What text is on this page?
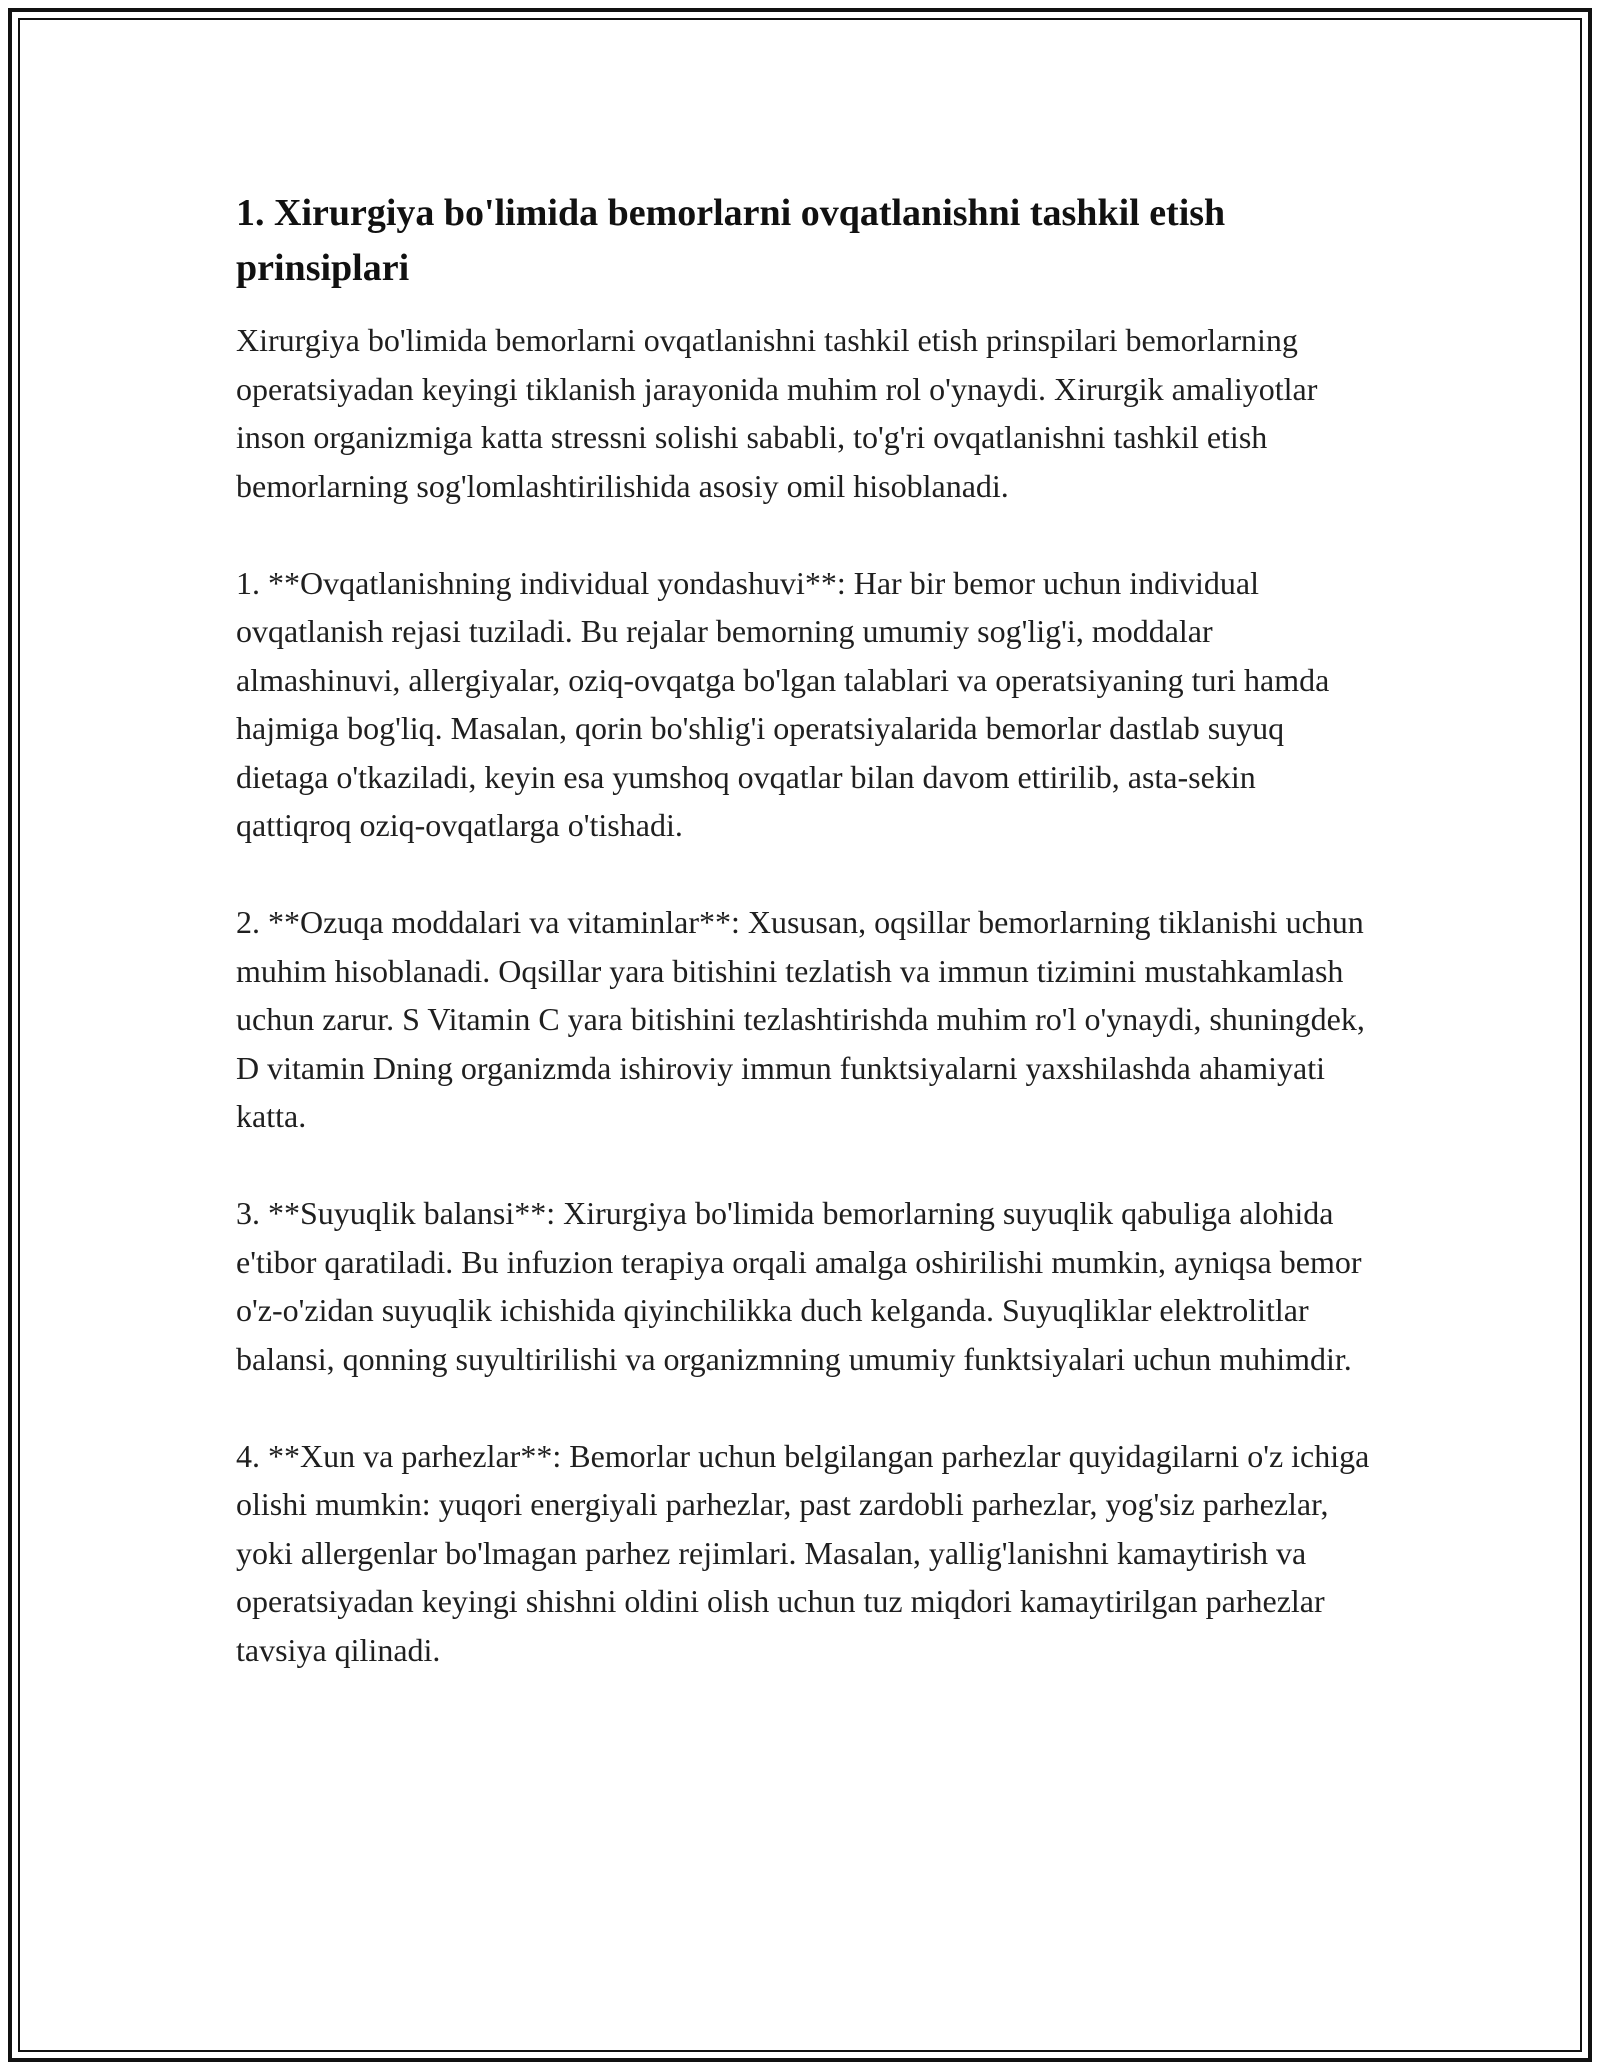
1. Xirurgiya bo'limida bemorlarni ovqatlanishni tashkil etish prinsiplari

Xirurgiya bo'limida bemorlarni ovqatlanishni tashkil etish prinspilari bemorlarning operatsiyadan keyingi tiklanish jarayonida muhim rol o'ynaydi. Xirurgik amaliyotlar inson organizmiga katta stressni solishi sababli, to'g'ri ovqatlanishni tashkil etish bemorlarning sog'lomlashtirilishida asosiy omil hisoblanadi.

1. **Ovqatlanishning individual yondashuvi**: Har bir bemor uchun individual ovqatlanish rejasi tuziladi. Bu rejalar bemorning umumiy sog'lig'i, moddalar almashinuvi, allergiyalar, oziq-ovqatga bo'lgan talablari va operatsiyaning turi hamda hajmiga bog'liq. Masalan, qorin bo'shlig'i operatsiyalarida bemorlar dastlab suyuq dietaga o'tkaziladi, keyin esa yumshoq ovqatlar bilan davom ettirilib, asta-sekin qattiqroq oziq-ovqatlarga o'tishadi.

2. **Ozuqa moddalari va vitaminlar**: Xususan, oqsillar bemorlarning tiklanishi uchun muhim hisoblanadi. Oqsillar yara bitishini tezlatish va immun tizimini mustahkamlash uchun zarur. S Vitamin C yara bitishini tezlashtirishda muhim ro'l o'ynaydi, shuningdek, D vitamin Dning organizmda ishiroviy immun funktsiyalarni yaxshilashda ahamiyati katta.

3. **Suyuqlik balansi**: Xirurgiya bo'limida bemorlarning suyuqlik qabuliga alohida e'tibor qaratiladi. Bu infuzion terapiya orqali amalga oshirilishi mumkin, ayniqsa bemor o'z-o'zidan suyuqlik ichishida qiyinchilikka duch kelganda. Suyuqliklar elektrolitlar balansi, qonning suyultirilishi va organizmning umumiy funktsiyalari uchun muhimdir.

4. **Xun va parhezlar**: Bemorlar uchun belgilangan parhezlar quyidagilarni o'z ichiga olishi mumkin: yuqori energiyali parhezlar, past zardobli parhezlar, yog'siz parhezlar, yoki allergenlar bo'lmagan parhez rejimlari. Masalan, yallig'lanishni kamaytirish va operatsiyadan keyingi shishni oldini olish uchun tuz miqdori kamaytirilgan parhezlar tavsiya qilinadi.
